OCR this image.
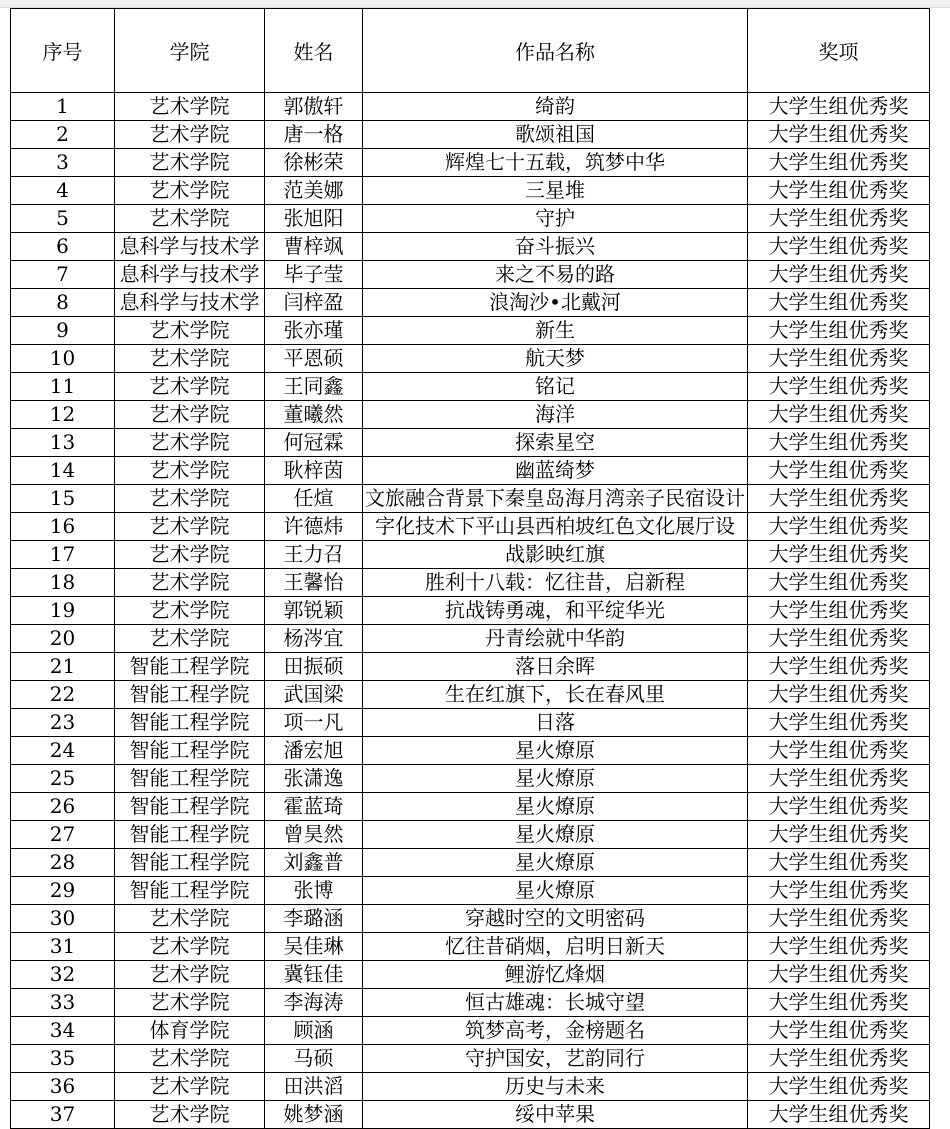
序号	学院	姓名	作品名称	奖项
1	艺术学院	郭傲轩	绮韵	大学生组优秀奖
2	艺术学院	唐一格	歌颂祖国	大学生组优秀奖
3	艺术学院	徐彬荣	辉煌七十五载，筑梦中华	大学生组优秀奖
4	艺术学院	范美娜	三星堆	大学生组优秀奖
5	艺术学院	张旭阳	守护	大学生组优秀奖
6	息科学与技术学	曹梓飒	奋斗振兴	大学生组优秀奖
7	息科学与技术学	毕子莹	来之不易的路	大学生组优秀奖
8	息科学与技术学	闫梓盈	浪淘沙•北戴河	大学生组优秀奖
9	艺术学院	张亦瑾	新生	大学生组优秀奖
10	艺术学院	平恩硕	航天梦	大学生组优秀奖
11	艺术学院	王同鑫	铭记	大学生组优秀奖
12	艺术学院	董曦然	海洋	大学生组优秀奖
13	艺术学院	何冠霖	探索星空	大学生组优秀奖
14	艺术学院	耿梓茵	幽蓝绮梦	大学生组优秀奖
15	艺术学院	任煊	文旅融合背景下秦皇岛海月湾亲子民宿设计	大学生组优秀奖
16	艺术学院	许德炜	字化技术下平山县西柏坡红色文化展厅设	大学生组优秀奖
17	艺术学院	王力召	战影映红旗	大学生组优秀奖
18	艺术学院	王馨怡	胜利十八载：忆往昔，启新程	大学生组优秀奖
19	艺术学院	郭锐颖	抗战铸勇魂，和平绽华光	大学生组优秀奖
20	艺术学院	杨涔宜	丹青绘就中华韵	大学生组优秀奖
21	智能工程学院	田振硕	落日余晖	大学生组优秀奖
22	智能工程学院	武国梁	生在红旗下，长在春风里	大学生组优秀奖
23	智能工程学院	项一凡	日落	大学生组优秀奖
24	智能工程学院	潘宏旭	星火燎原	大学生组优秀奖
25	智能工程学院	张潇逸	星火燎原	大学生组优秀奖
26	智能工程学院	霍蓝琦	星火燎原	大学生组优秀奖
27	智能工程学院	曾昊然	星火燎原	大学生组优秀奖
28	智能工程学院	刘鑫普	星火燎原	大学生组优秀奖
29	智能工程学院	张博	星火燎原	大学生组优秀奖
30	艺术学院	李璐涵	穿越时空的文明密码	大学生组优秀奖
31	艺术学院	吴佳琳	忆往昔硝烟，启明日新天	大学生组优秀奖
32	艺术学院	冀钰佳	鲤游忆烽烟	大学生组优秀奖
33	艺术学院	李海涛	恒古雄魂：长城守望	大学生组优秀奖
34	体育学院	顾涵	筑梦高考，金榜题名	大学生组优秀奖
35	艺术学院	马硕	守护国安，艺韵同行	大学生组优秀奖
36	艺术学院	田洪滔	历史与未来	大学生组优秀奖
37	艺术学院	姚梦涵	绥中苹果	大学生组优秀奖
